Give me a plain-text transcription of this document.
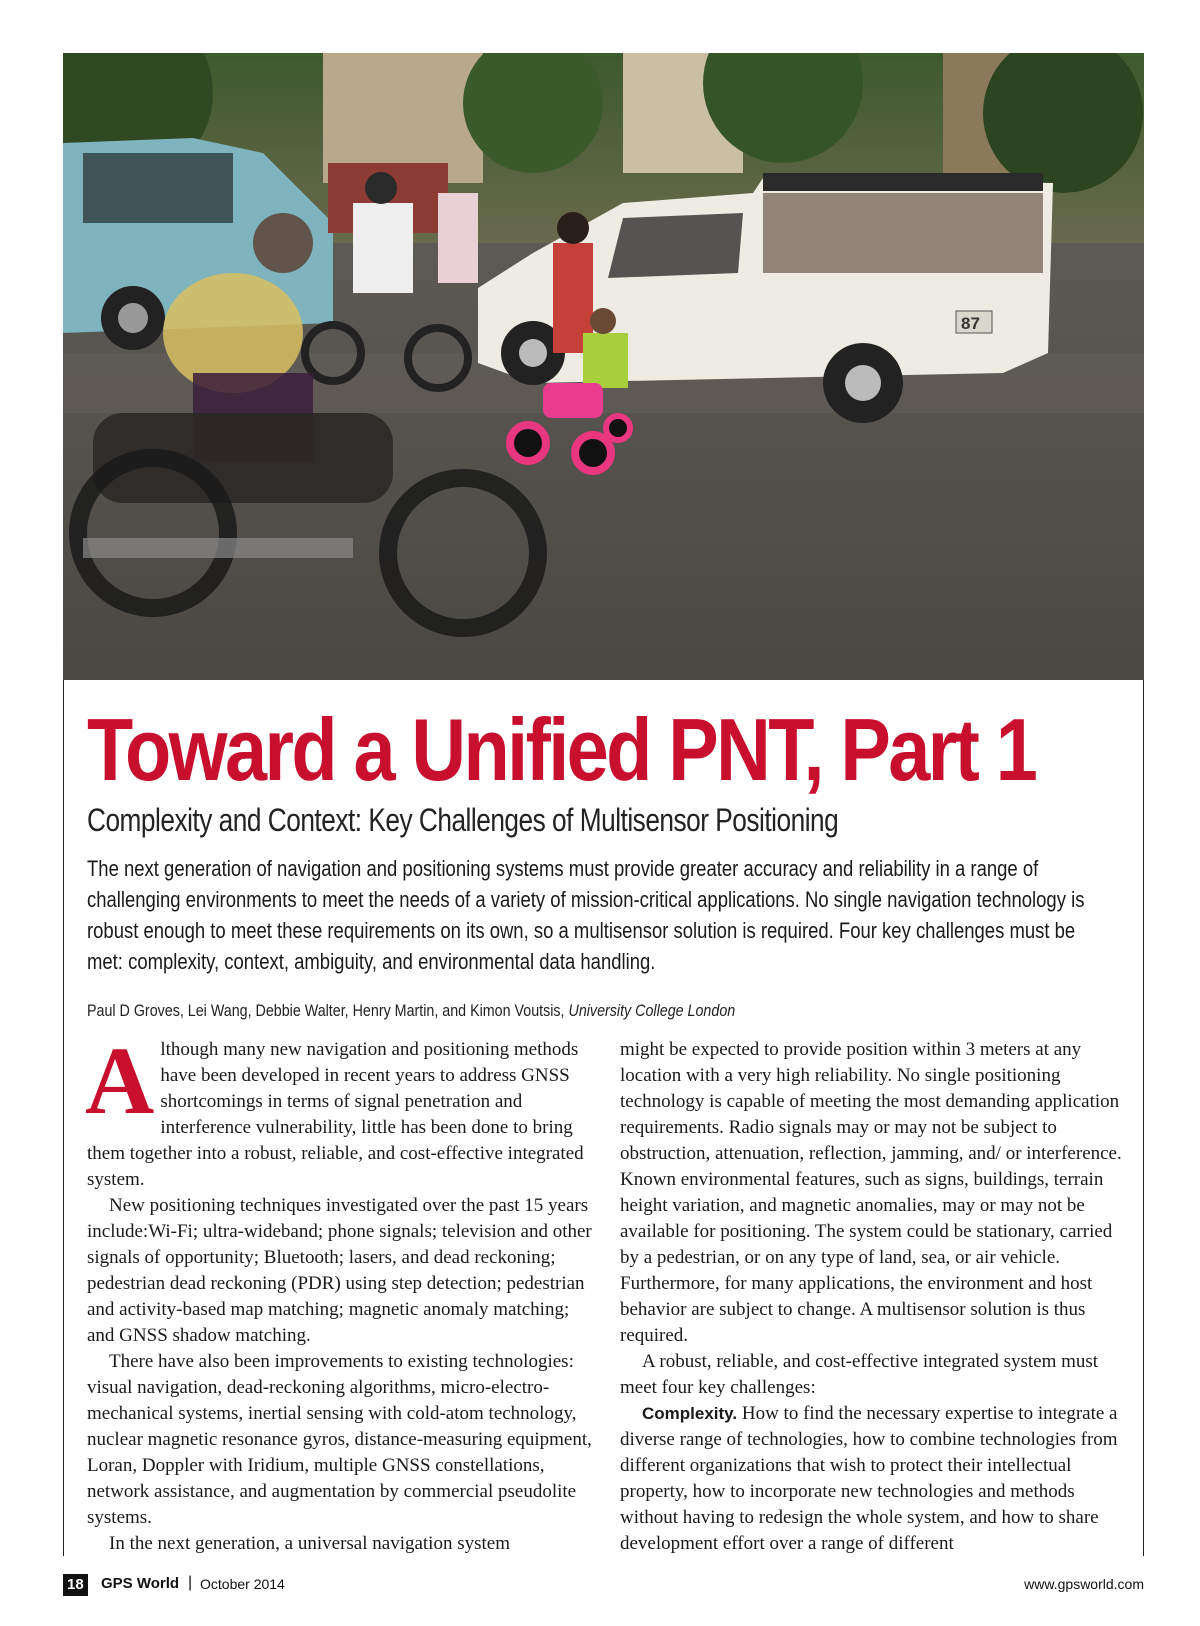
87
Toward a Unified PNT, Part 1
Complexity and Context: Key Challenges of Multisensor Positioning

The next generation of navigation and positioning systems must provide greater accuracy and reliability in a range of challenging environments to meet the needs of a variety of mission-critical applications. No single navigation technology is robust enough to meet these requirements on its own, so a multisensor solution is required. Four key challenges must be met: complexity, context, ambiguity, and environmental data handling.

Paul D Groves, Lei Wang, Debbie Walter, Henry Martin, and Kimon Voutsis, University College London

Although many new navigation and positioning methods have been developed in recent years to address GNSS shortcomings in terms of signal penetration and interference vulnerability, little has been done to bring them together into a robust, reliable, and cost-effective integrated system.

New positioning techniques investigated over the past 15 years include:Wi-Fi; ultra-wideband; phone signals; television and other signals of opportunity; Bluetooth; lasers, and dead reckoning; pedestrian dead reckoning (PDR) using step detection; pedestrian and activity-based map matching; magnetic anomaly matching; and GNSS shadow matching.

There have also been improvements to existing technologies: visual navigation, dead-reckoning algorithms, micro-electro-mechanical systems, inertial sensing with cold-atom technology, nuclear magnetic resonance gyros, distance-measuring equipment, Loran, Doppler with Iridium, multiple GNSS constellations, network assistance, and augmentation by commercial pseudolite systems.

In the next generation, a universal navigation system

might be expected to provide position within 3 meters at any location with a very high reliability. No single positioning technology is capable of meeting the most demanding application requirements. Radio signals may or may not be subject to obstruction, attenuation, reflection, jamming, and/ or interference. Known environmental features, such as signs, buildings, terrain height variation, and magnetic anomalies, may or may not be available for positioning. The system could be stationary, carried by a pedestrian, or on any type of land, sea, or air vehicle. Furthermore, for many applications, the environment and host behavior are subject to change. A multisensor solution is thus required.

A robust, reliable, and cost-effective integrated system must meet four key challenges:

Complexity. How to find the necessary expertise to integrate a diverse range of technologies, how to combine technologies from different organizations that wish to protect their intellectual property, how to incorporate new technologies and methods without having to redesign the whole system, and how to share development effort over a range of different

18 GPS World | October 2014	www.gpsworld.com
